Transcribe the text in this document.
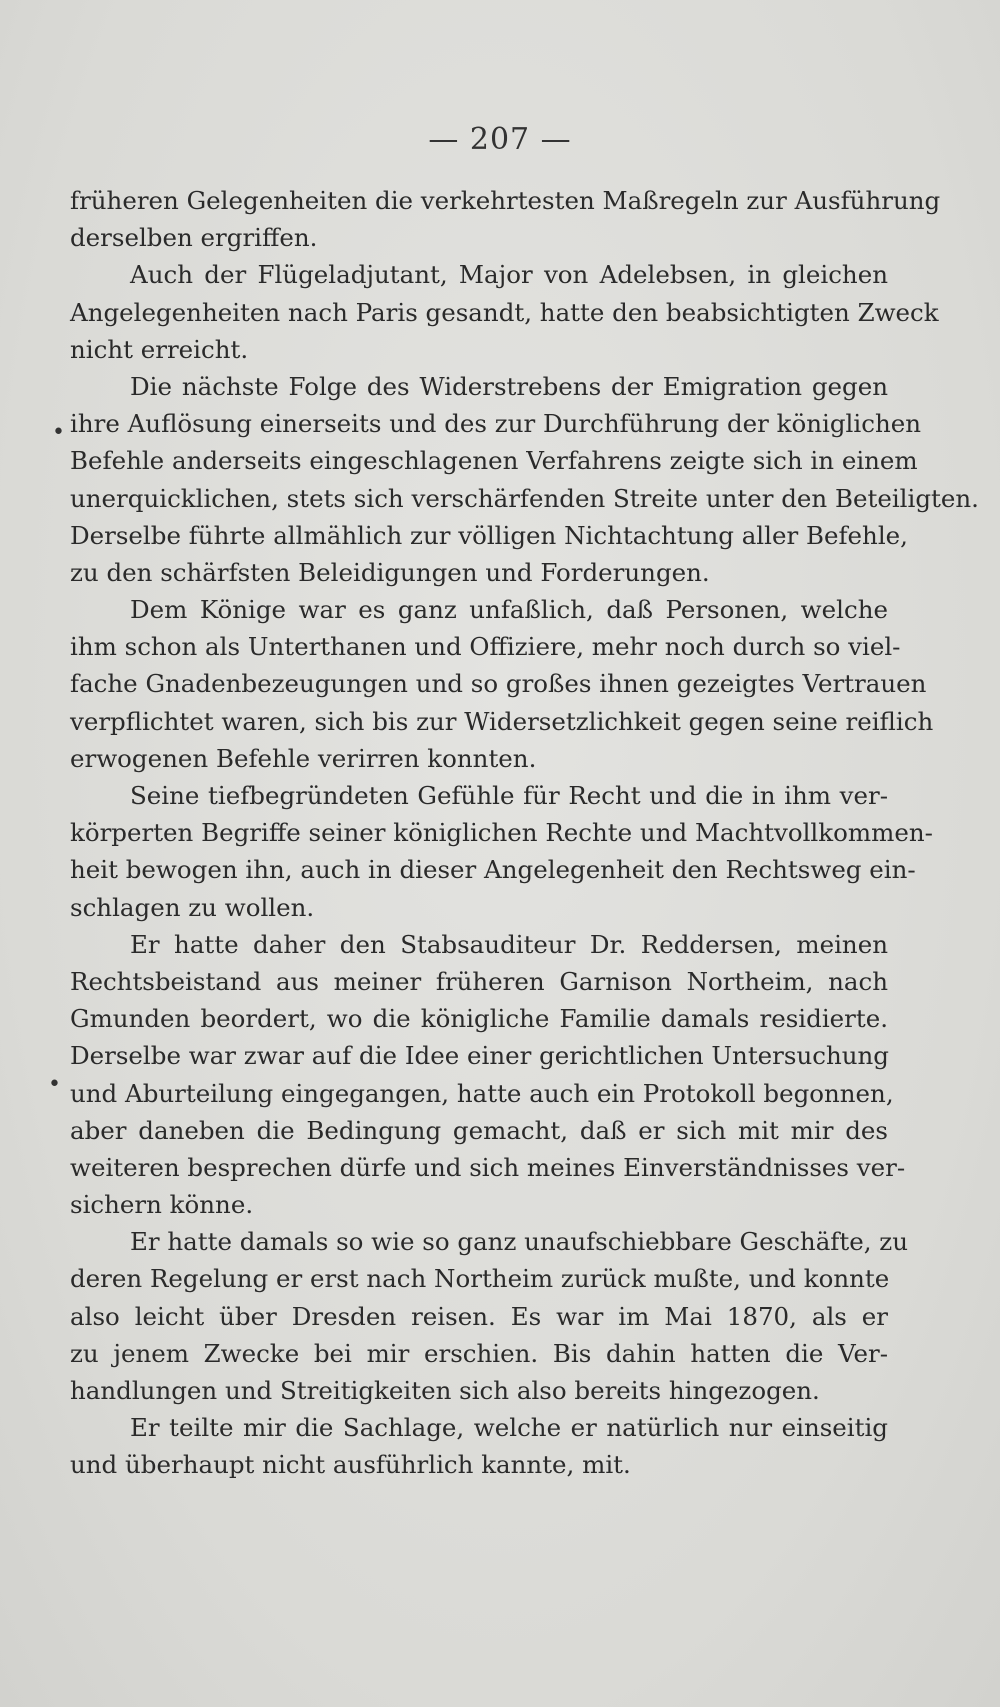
— 207 —
•
•
früheren Gelegenheiten die verkehrtesten Maßregeln zur Ausführung
derselben ergriffen.
Auch der Flügeladjutant, Major von Adelebsen, in gleichen
Angelegenheiten nach Paris gesandt, hatte den beabsichtigten Zweck
nicht erreicht.
Die nächste Folge des Widerstrebens der Emigration gegen
ihre Auflösung einerseits und des zur Durchführung der königlichen
Befehle anderseits eingeschlagenen Verfahrens zeigte sich in einem
unerquicklichen, stets sich verschärfenden Streite unter den Beteiligten.
Derselbe führte allmählich zur völligen Nichtachtung aller Befehle,
zu den schärfsten Beleidigungen und Forderungen.
Dem Könige war es ganz unfaßlich, daß Personen, welche
ihm schon als Unterthanen und Offiziere, mehr noch durch so viel-
fache Gnadenbezeugungen und so großes ihnen gezeigtes Vertrauen
verpflichtet waren, sich bis zur Widersetzlichkeit gegen seine reiflich
erwogenen Befehle verirren konnten.
Seine tiefbegründeten Gefühle für Recht und die in ihm ver-
körperten Begriffe seiner königlichen Rechte und Machtvollkommen-
heit bewogen ihn, auch in dieser Angelegenheit den Rechtsweg ein-
schlagen zu wollen.
Er hatte daher den Stabsauditeur Dr. Reddersen, meinen
Rechtsbeistand aus meiner früheren Garnison Northeim, nach
Gmunden beordert, wo die königliche Familie damals residierte.
Derselbe war zwar auf die Idee einer gerichtlichen Untersuchung
und Aburteilung eingegangen, hatte auch ein Protokoll begonnen,
aber daneben die Bedingung gemacht, daß er sich mit mir des
weiteren besprechen dürfe und sich meines Einverständnisses ver-
sichern könne.
Er hatte damals so wie so ganz unaufschiebbare Geschäfte, zu
deren Regelung er erst nach Northeim zurück mußte, und konnte
also leicht über Dresden reisen. Es war im Mai 1870, als er
zu jenem Zwecke bei mir erschien. Bis dahin hatten die Ver-
handlungen und Streitigkeiten sich also bereits hingezogen.
Er teilte mir die Sachlage, welche er natürlich nur einseitig
und überhaupt nicht ausführlich kannte, mit.
